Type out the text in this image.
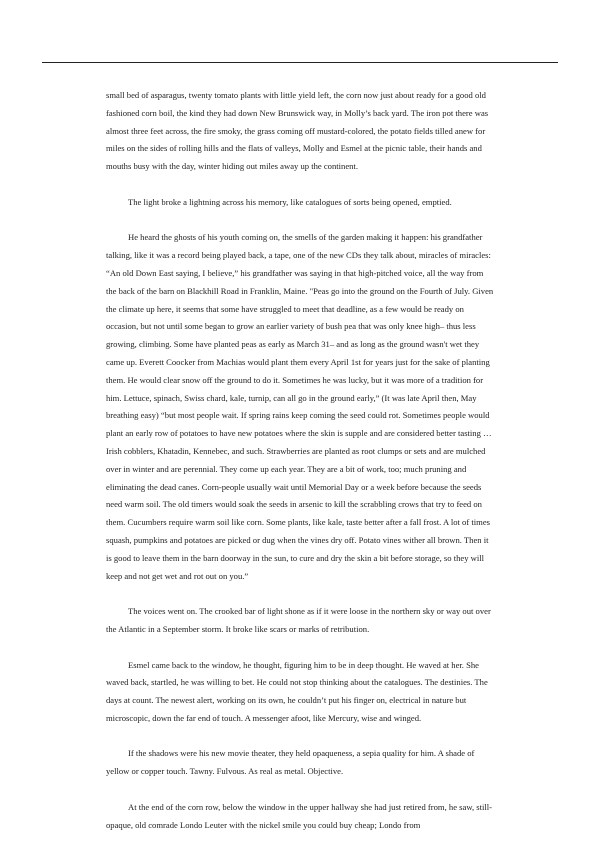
small bed of asparagus, twenty tomato plants with little yield left, the corn now just about ready for a good old fashioned corn boil, the kind they had down New Brunswick way, in Molly’s back yard. The iron pot there was almost three feet across, the fire smoky, the grass coming off mustard-colored, the potato fields tilled anew for miles on the sides of rolling hills and the flats of valleys, Molly and Esmel at the picnic table, their hands and mouths busy with the day, winter hiding out miles away up the continent.

The light broke a lightning across his memory, like catalogues of sorts being opened, emptied.

He heard the ghosts of his youth coming on, the smells of the garden making it happen: his grandfather talking, like it was a record being played back, a tape, one of the new CDs they talk about, miracles of miracles: “An old Down East saying, I believe,” his grandfather was saying in that high-pitched voice, all the way from the back of the barn on Blackhill Road in Franklin, Maine. "Peas go into the ground on the Fourth of July. Given the climate up here, it seems that some have struggled to meet that deadline, as a few would be ready on occasion, but not until some began to grow an earlier variety of bush pea that was only knee high– thus less growing, climbing. Some have planted peas as early as March 31– and as long as the ground wasn't wet they came up. Everett Coocker from Machias would plant them every April 1st for years just for the sake of planting them. He would clear snow off the ground to do it. Sometimes he was lucky, but it was more of a tradition for him. Lettuce, spinach, Swiss chard, kale, turnip, can all go in the ground early,” (It was late April then, May breathing easy) “but most people wait. If spring rains keep coming the seed could rot. Sometimes people would plant an early row of potatoes to have new potatoes where the skin is supple and are considered better tasting … Irish cobblers, Khatadin, Kennebec, and such. Strawberries are planted as root clumps or sets and are mulched over in winter and are perennial. They come up each year. They are a bit of work, too; much pruning and eliminating the dead canes. Corn-people usually wait until Memorial Day or a week before because the seeds need warm soil. The old timers would soak the seeds in arsenic to kill the scrabbling crows that try to feed on them. Cucumbers require warm soil like corn. Some plants, like kale, taste better after a fall frost. A lot of times squash, pumpkins and potatoes are picked or dug when the vines dry off. Potato vines wither all brown. Then it is good to leave them in the barn doorway in the sun, to cure and dry the skin a bit before storage, so they will keep and not get wet and rot out on you.”

The voices went on. The crooked bar of light shone as if it were loose in the northern sky or way out over the Atlantic in a September storm. It broke like scars or marks of retribution.

Esmel came back to the window, he thought, figuring him to be in deep thought. He waved at her. She waved back, startled, he was willing to bet. He could not stop thinking about the catalogues. The destinies. The days at count. The newest alert, working on its own, he couldn’t put his finger on, electrical in nature but microscopic, down the far end of touch. A messenger afoot, like Mercury, wise and winged.

If the shadows were his new movie theater, they held opaqueness, a sepia quality for him. A shade of yellow or copper touch. Tawny. Fulvous. As real as metal. Objective.

At the end of the corn row, below the window in the upper hallway she had just retired from, he saw, still-opaque, old comrade Londo Leuter with the nickel smile you could buy cheap; Londo from
